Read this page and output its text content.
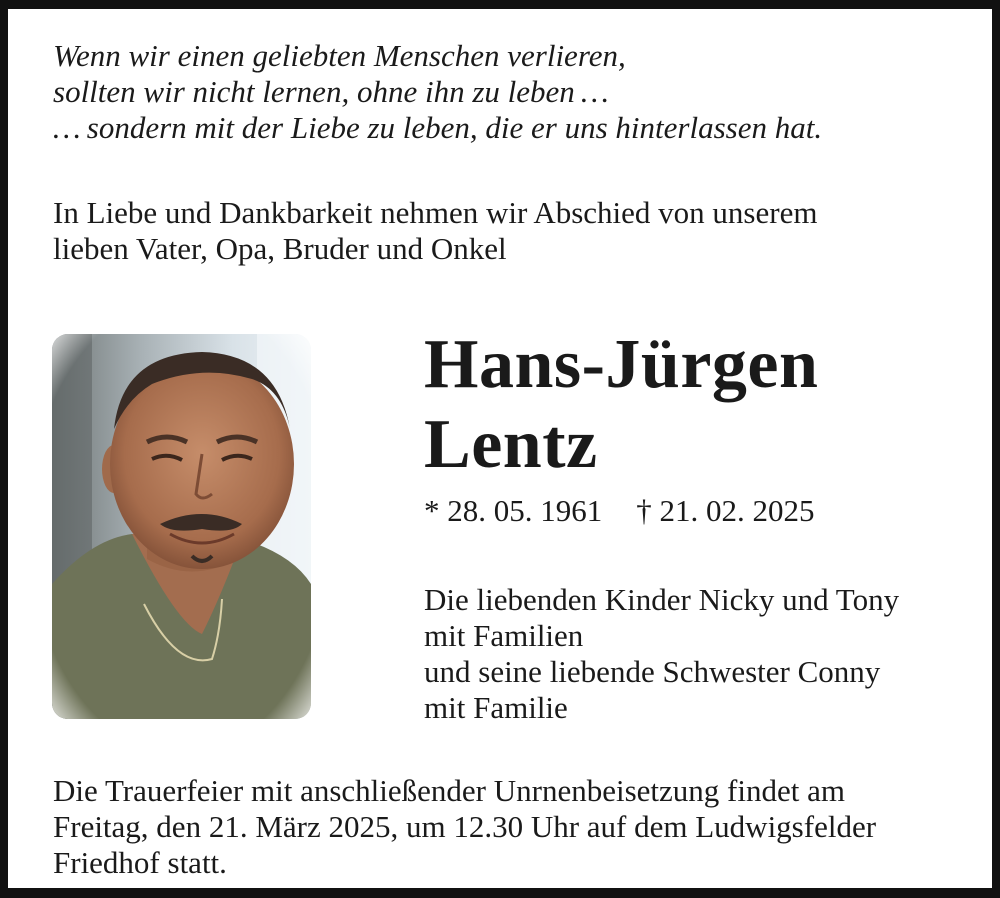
Wenn wir einen geliebten Menschen verlieren,
sollten wir nicht lernen, ohne ihn zu leben …
… sondern mit der Liebe zu leben, die er uns hinterlassen hat.
In Liebe und Dankbarkeit nehmen wir Abschied von unserem
lieben Vater, Opa, Bruder und Onkel
Hans-Jürgen
Lentz
* 28. 05. 1961 † 21. 02. 2025
Die liebenden Kinder Nicky und Tony
mit Familien
und seine liebende Schwester Conny
mit Familie
Die Trauerfeier mit anschließender Unrnenbeisetzung findet am
Freitag, den 21. März 2025, um 12.30 Uhr auf dem Ludwigsfelder
Friedhof statt.
